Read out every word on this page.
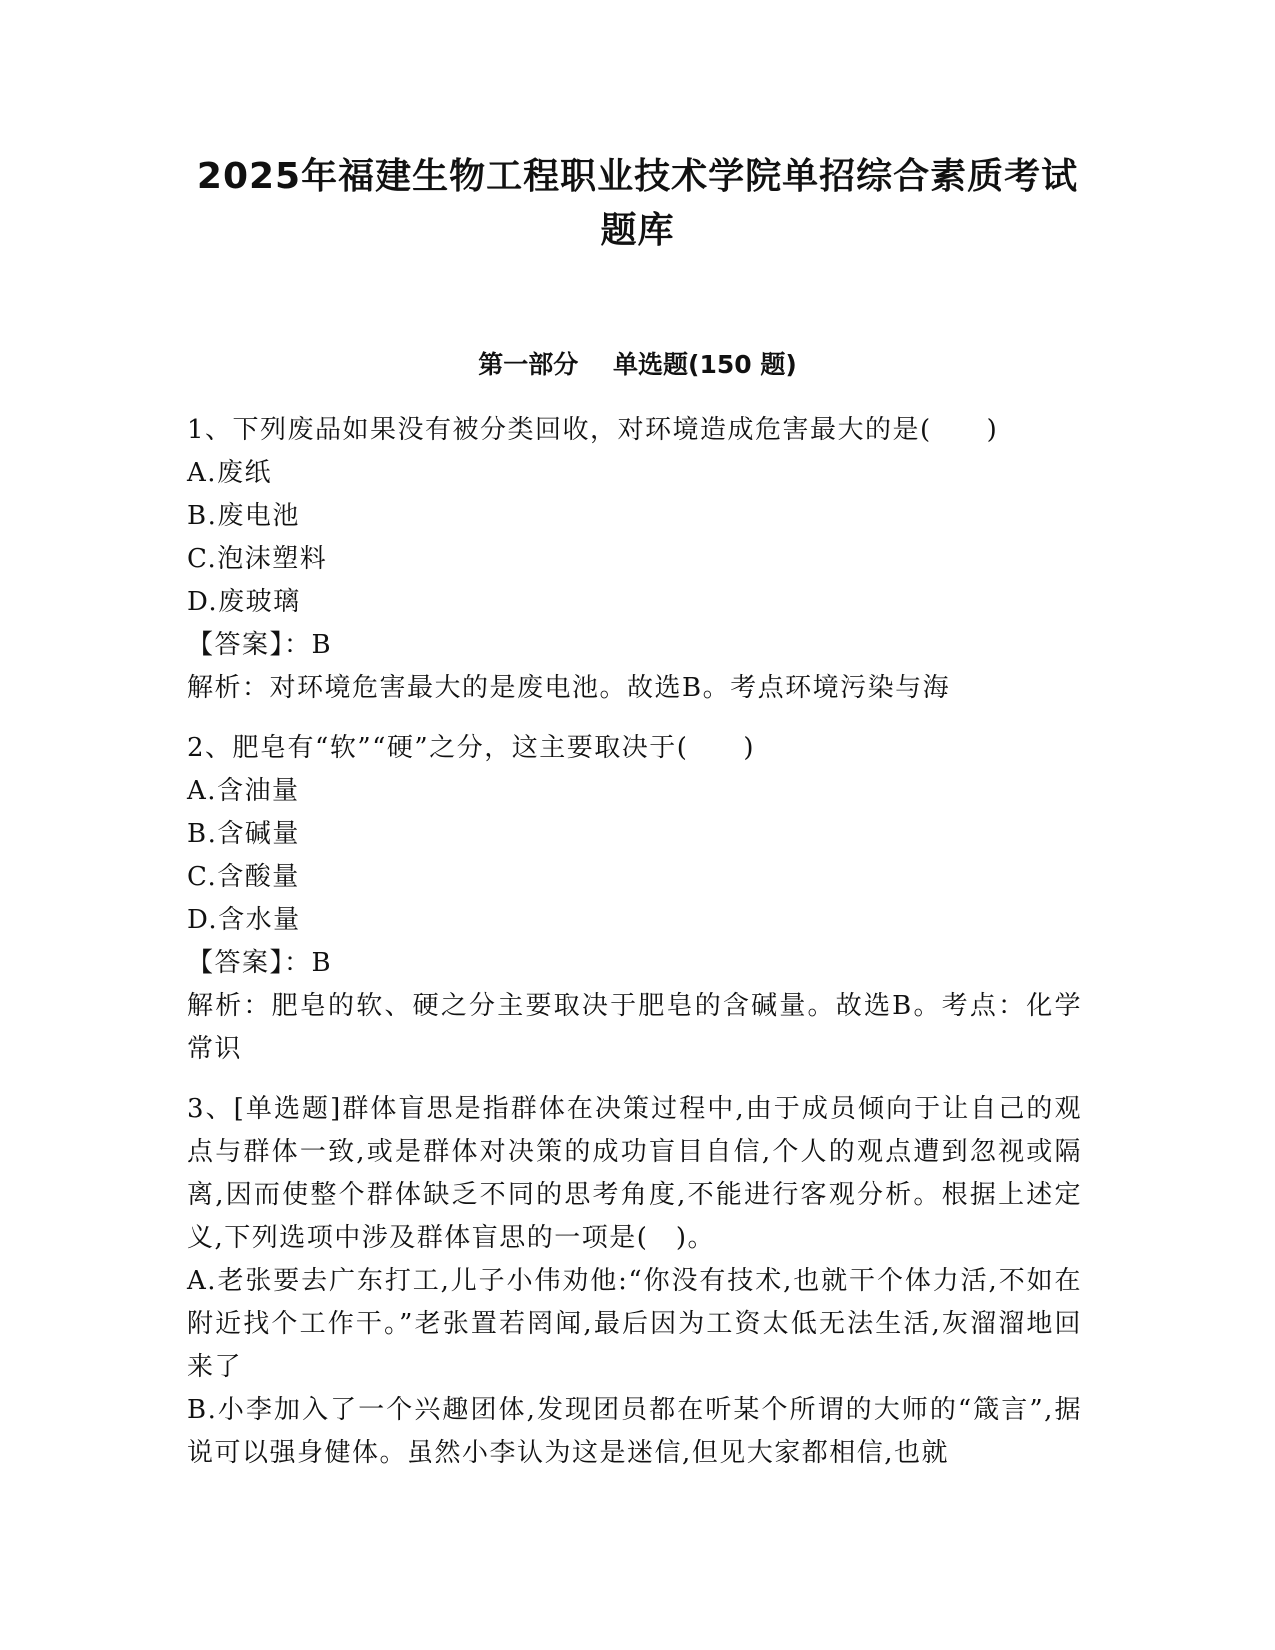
2025年福建生物工程职业技术学院单招综合素质考试题库
第一部分    单选题(150 题)
1、下列废品如果没有被分类回收，对环境造成危害最大的是(　　)
A.废纸
B.废电池
C.泡沫塑料
D.废玻璃
【答案】：B
解析：对环境危害最大的是废电池。故选B。考点环境污染与海
2、肥皂有“软”“硬”之分，这主要取决于(　　)
A.含油量
B.含碱量
C.含酸量
D.含水量
【答案】：B
解析：肥皂的软、硬之分主要取决于肥皂的含碱量。故选B。考点：化学常识
3、[单选题]群体盲思是指群体在决策过程中,由于成员倾向于让自己的观点与群体一致,或是群体对决策的成功盲目自信,个人的观点遭到忽视或隔离,因而使整个群体缺乏不同的思考角度,不能进行客观分析。根据上述定义,下列选项中涉及群体盲思的一项是(　)。
A.老张要去广东打工,儿子小伟劝他:“你没有技术,也就干个体力活,不如在附近找个工作干。”老张置若罔闻,最后因为工资太低无法生活,灰溜溜地回来了
B.小李加入了一个兴趣团体,发现团员都在听某个所谓的大师的“箴言”,据说可以强身健体。虽然小李认为这是迷信,但见大家都相信,也就
